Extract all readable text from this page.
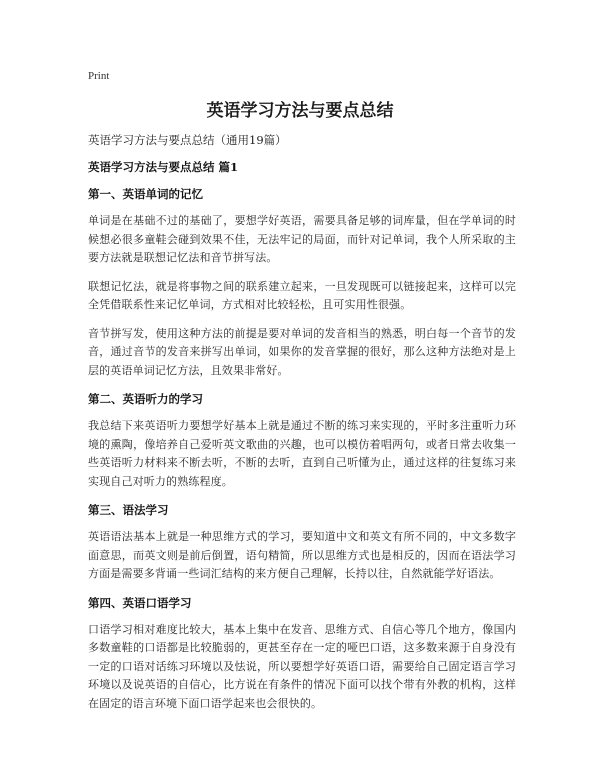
Print
英语学习方法与要点总结

英语学习方法与要点总结（通用19篇）

英语学习方法与要点总结 篇1

第一、英语单词的记忆

单词是在基础不过的基础了，要想学好英语，需要具备足够的词库量，但在学单词的时候想必很多童鞋会碰到效果不佳，无法牢记的局面，而针对记单词，我个人所采取的主要方法就是联想记忆法和音节拼写法。

联想记忆法，就是将事物之间的联系建立起来，一旦发现既可以链接起来，这样可以完全凭借联系性来记忆单词，方式相对比较轻松，且可实用性很强。

音节拼写发，使用这种方法的前提是要对单词的发音相当的熟悉，明白每一个音节的发音，通过音节的发音来拼写出单词，如果你的发音掌握的很好，那么这种方法绝对是上层的英语单词记忆方法，且效果非常好。

第二、英语听力的学习

我总结下来英语听力要想学好基本上就是通过不断的练习来实现的，平时多注重听力环境的熏陶，像培养自己爱听英文歌曲的兴趣，也可以模仿着唱两句，或者日常去收集一些英语听力材料来不断去听，不断的去听，直到自己听懂为止，通过这样的往复练习来实现自己对听力的熟练程度。

第三、语法学习

英语语法基本上就是一种思维方式的学习，要知道中文和英文有所不同的，中文多数字面意思，而英文则是前后倒置，语句精简，所以思维方式也是相反的，因而在语法学习方面是需要多背诵一些词汇结构的来方便自己理解，长持以往，自然就能学好语法。

第四、英语口语学习

口语学习相对难度比较大，基本上集中在发音、思维方式、自信心等几个地方，像国内多数童鞋的口语都是比较脆弱的，更甚至存在一定的哑巴口语，这多数来源于自身没有一定的口语对话练习环境以及怯说，所以要想学好英语口语，需要给自己固定语言学习环境以及说英语的自信心，比方说在有条件的情况下面可以找个带有外教的机构，这样在固定的语言环境下面口语学起来也会很快的。
